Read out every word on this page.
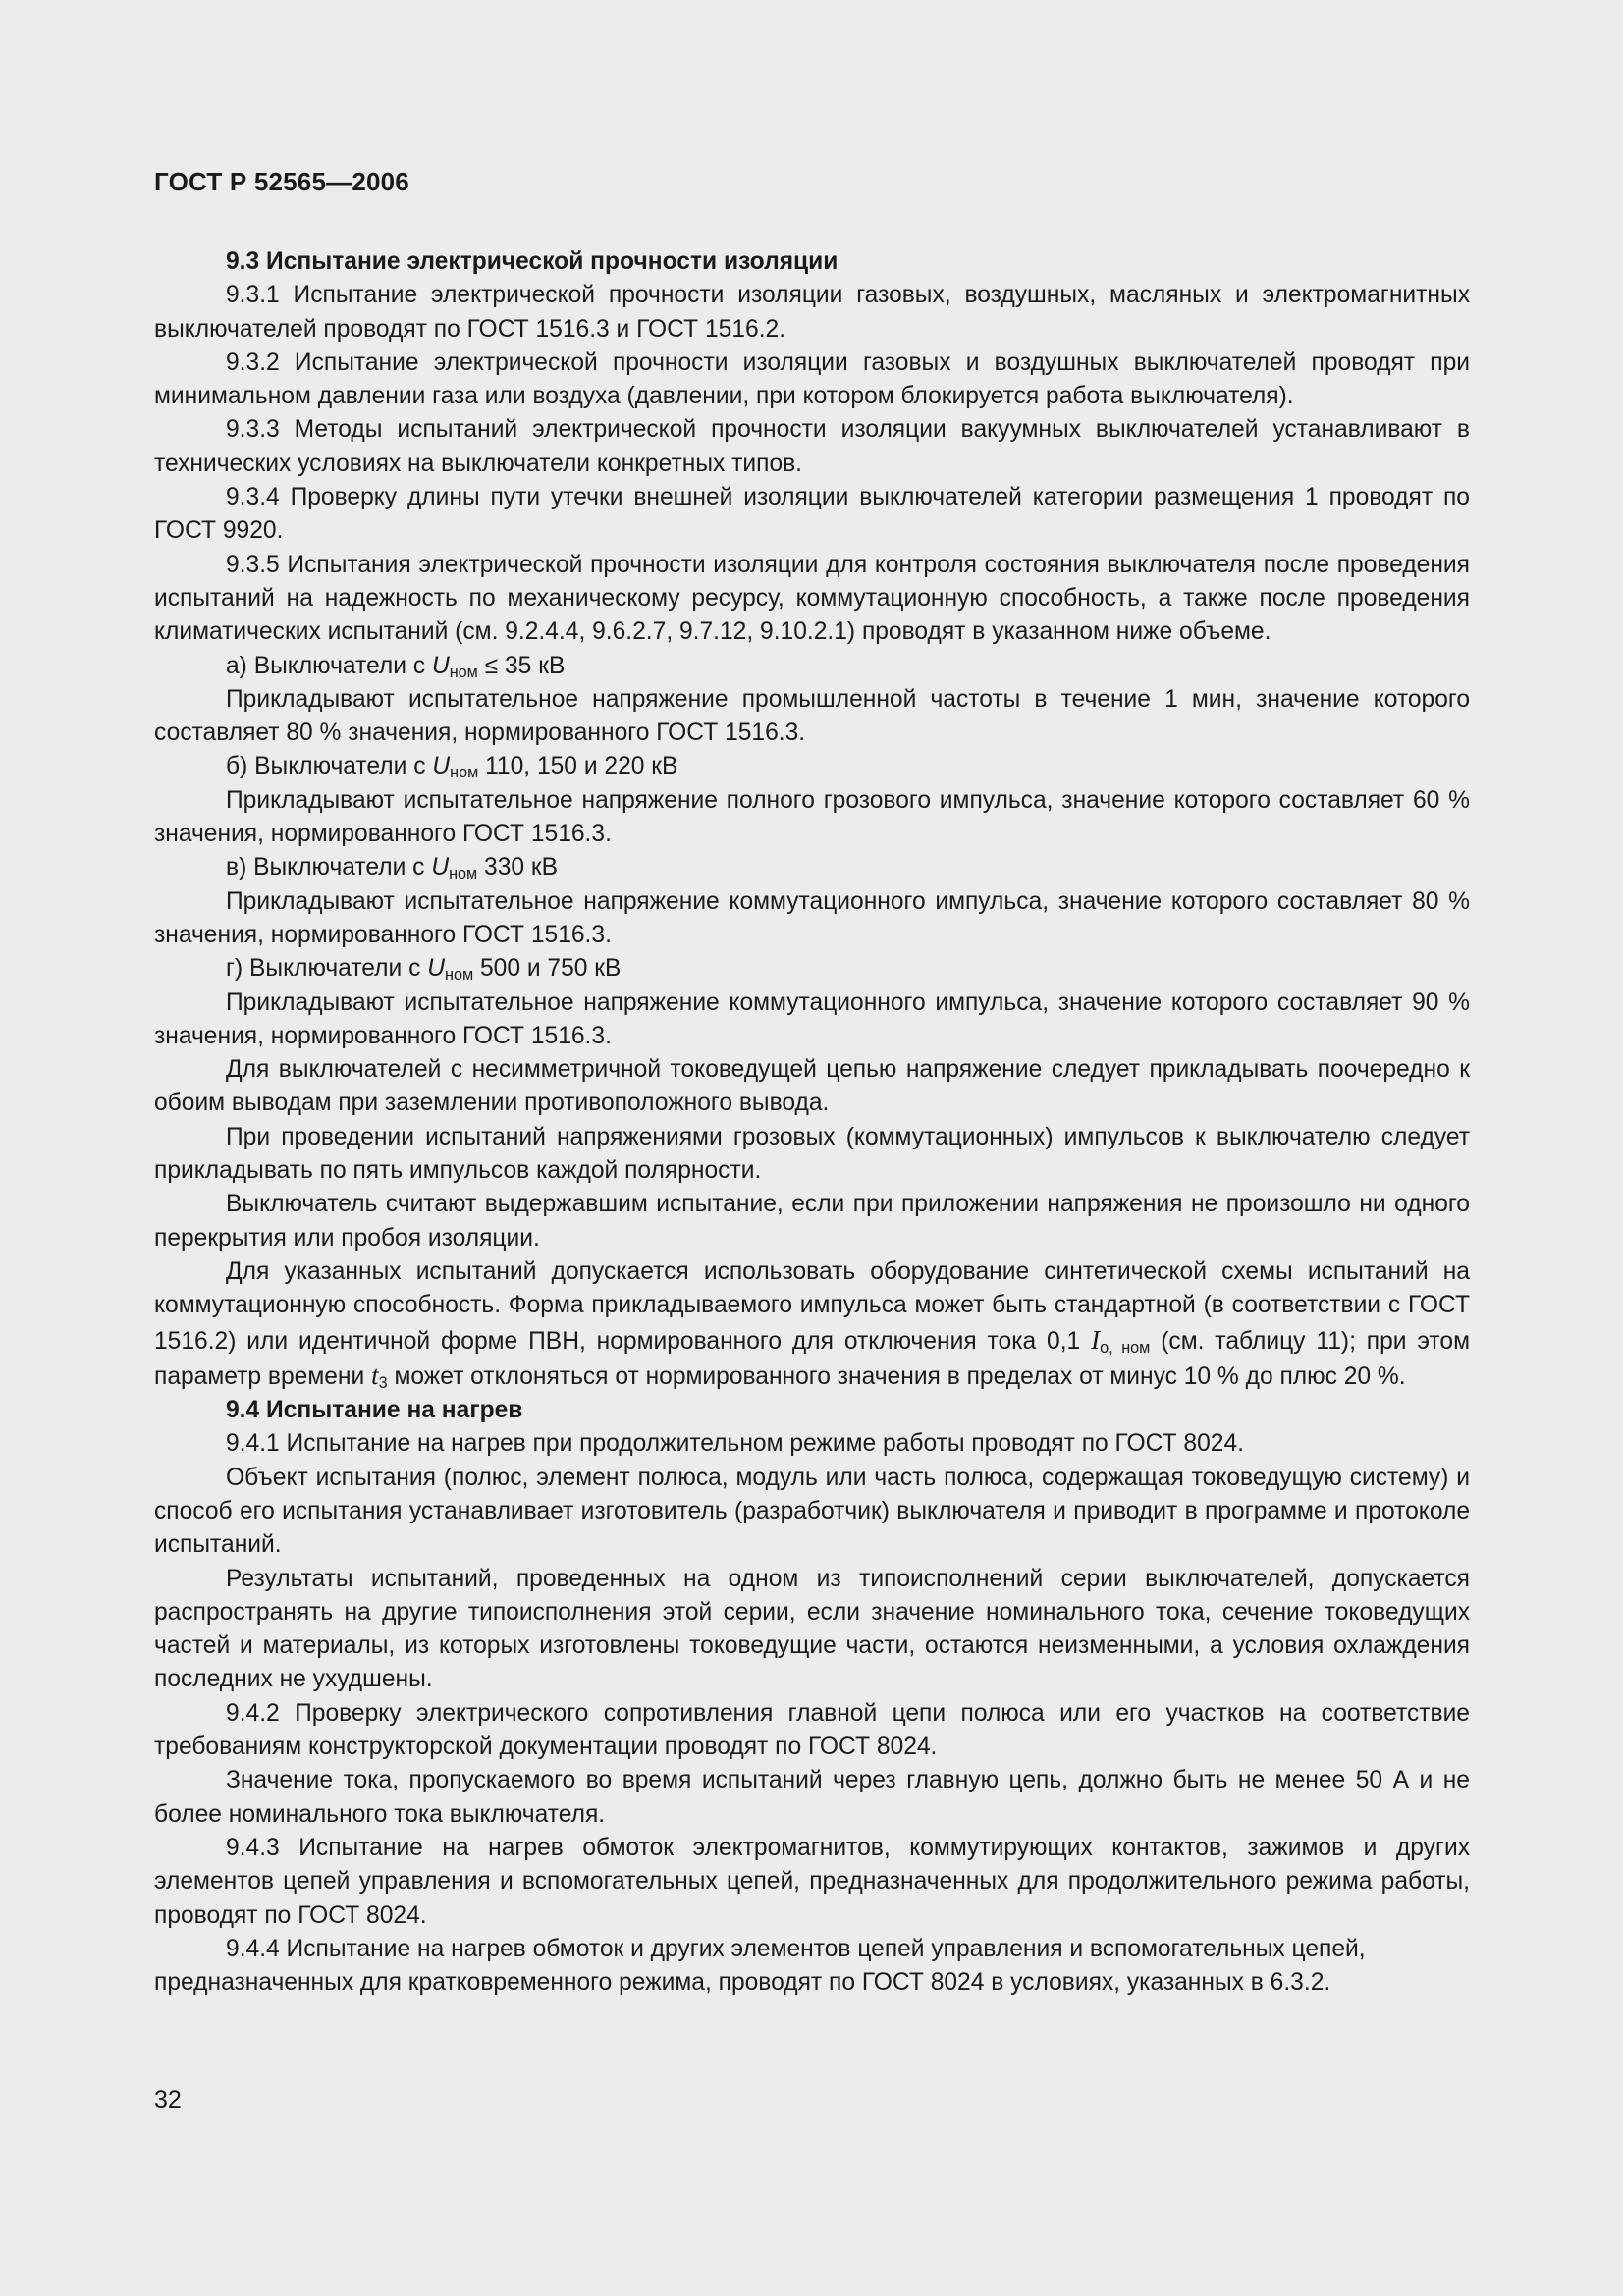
ГОСТ Р 52565—2006

9.3 Испытание электрической прочности изоляции

9.3.1 Испытание электрической прочности изоляции газовых, воздушных, масляных и электромагнитных выключателей проводят по ГОСТ 1516.3 и ГОСТ 1516.2.

9.3.2 Испытание электрической прочности изоляции газовых и воздушных выключателей проводят при минимальном давлении газа или воздуха (давлении, при котором блокируется работа выключателя).

9.3.3 Методы испытаний электрической прочности изоляции вакуумных выключателей устанавливают в технических условиях на выключатели конкретных типов.

9.3.4 Проверку длины пути утечки внешней изоляции выключателей категории размещения 1 проводят по ГОСТ 9920.

9.3.5 Испытания электрической прочности изоляции для контроля состояния выключателя после проведения испытаний на надежность по механическому ресурсу, коммутационную способность, а также после проведения климатических испытаний (см. 9.2.4.4, 9.6.2.7, 9.7.12, 9.10.2.1) проводят в указанном ниже объеме.

а) Выключатели с $U_{ном} \le 35$ кВ

Прикладывают испытательное напряжение промышленной частоты в течение 1 мин, значение которого составляет 80 % значения, нормированного ГОСТ 1516.3.

б) Выключатели с $U_{ном}$ 110, 150 и 220 кВ

Прикладывают испытательное напряжение полного грозового импульса, значение которого составляет 60 % значения, нормированного ГОСТ 1516.3.

в) Выключатели с $U_{ном}$ 330 кВ

Прикладывают испытательное напряжение коммутационного импульса, значение которого составляет 80 % значения, нормированного ГОСТ 1516.3.

г) Выключатели с $U_{ном}$ 500 и 750 кВ

Прикладывают испытательное напряжение коммутационного импульса, значение которого составляет 90 % значения, нормированного ГОСТ 1516.3.

Для выключателей с несимметричной токоведущей цепью напряжение следует прикладывать поочередно к обоим выводам при заземлении противоположного вывода.

При проведении испытаний напряжениями грозовых (коммутационных) импульсов к выключателю следует прикладывать по пять импульсов каждой полярности.

Выключатель считают выдержавшим испытание, если при приложении напряжения не произошло ни одного перекрытия или пробоя изоляции.

Для указанных испытаний допускается использовать оборудование синтетической схемы испытаний на коммутационную способность. Форма прикладываемого импульса может быть стандартной (в соответствии с ГОСТ 1516.2) или идентичной форме ПВН, нормированного для отключения тока 0,1 $I_{о, ном}$ (см. таблицу 11); при этом параметр времени $t_3$ может отклоняться от нормированного значения в пределах от минус 10 % до плюс 20 %.

9.4 Испытание на нагрев

9.4.1 Испытание на нагрев при продолжительном режиме работы проводят по ГОСТ 8024.

Объект испытания (полюс, элемент полюса, модуль или часть полюса, содержащая токоведущую систему) и способ его испытания устанавливает изготовитель (разработчик) выключателя и приводит в программе и протоколе испытаний.

Результаты испытаний, проведенных на одном из типоисполнений серии выключателей, допускается распространять на другие типоисполнения этой серии, если значение номинального тока, сечение токоведущих частей и материалы, из которых изготовлены токоведущие части, остаются неизменными, а условия охлаждения последних не ухудшены.

9.4.2 Проверку электрического сопротивления главной цепи полюса или его участков на соответствие требованиям конструкторской документации проводят по ГОСТ 8024.

Значение тока, пропускаемого во время испытаний через главную цепь, должно быть не менее 50 А и не более номинального тока выключателя.

9.4.3 Испытание на нагрев обмоток электромагнитов, коммутирующих контактов, зажимов и других элементов цепей управления и вспомогательных цепей, предназначенных для продолжительного режима работы, проводят по ГОСТ 8024.

9.4.4 Испытание на нагрев обмоток и других элементов цепей управления и вспомогательных цепей, предназначенных для кратковременного режима, проводят по ГОСТ 8024 в условиях, указанных в 6.3.2.

32
